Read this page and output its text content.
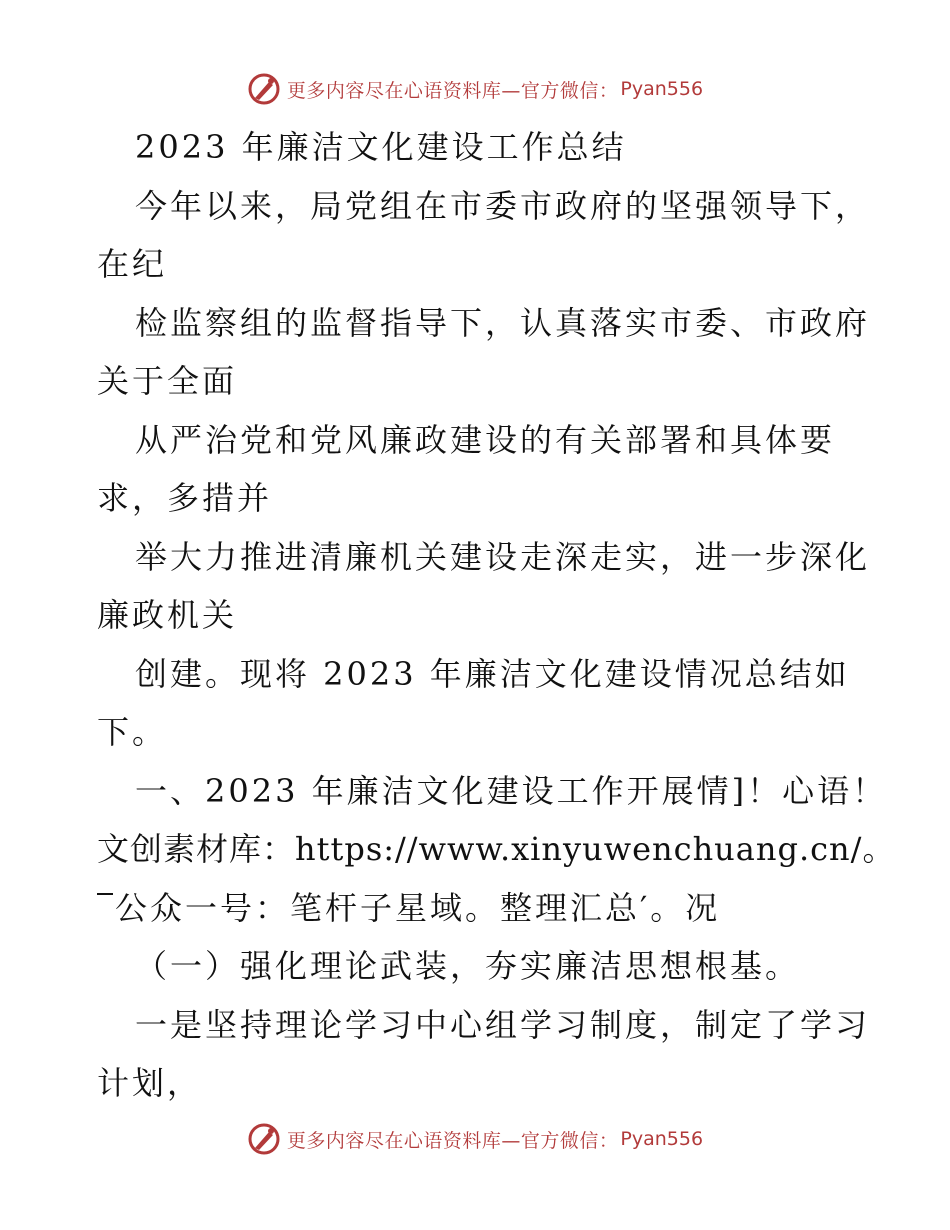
更多内容尽在心语资料库—官方微信： Pyan556
2023 年廉洁文化建设工作总结
今年以来，局党组在市委市政府的坚强领导下，
在纪
检监察组的监督指导下，认真落实市委、市政府
关于全面
从严治党和党风廉政建设的有关部署和具体要
求，多措并
举大力推进清廉机关建设走深走实，进一步深化
廉政机关
创建。现将 2023 年廉洁文化建设情况总结如
下。
一、2023 年廉洁文化建设工作开展情]！心语！
文创素材库：https://www.xinyuwenchuang.cn/。
公众一号：笔杆子星域。整理汇总′。况
（一）强化理论武装，夯实廉洁思想根基。
一是坚持理论学习中心组学习制度，制定了学习
计划，
更多内容尽在心语资料库—官方微信： Pyan556
